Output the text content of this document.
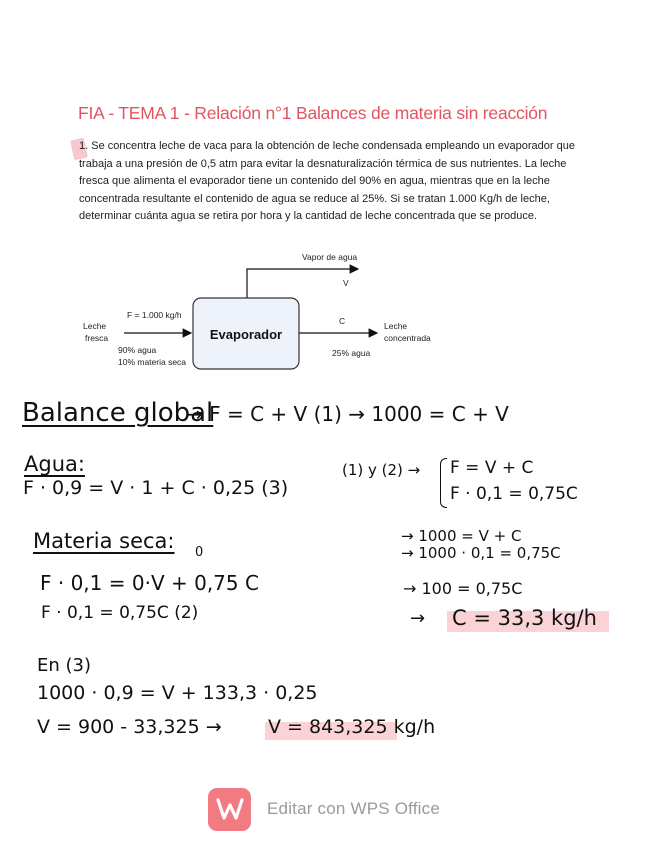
FIA - TEMA 1 - Relación n°1 Balances de materia sin reacción
1. Se concentra leche de vaca para la obtención de leche condensada empleando un evaporador que trabaja a una presión de 0,5 atm para evitar la desnaturalización térmica de sus nutrientes. La leche fresca que alimenta el evaporador tiene un contenido del 90% en agua, mientras que en la leche concentrada resultante el contenido de agua se reduce al 25%. Si se tratan 1.000 Kg/h de leche, determinar cuánta agua se retira por hora y la cantidad de leche concentrada que se produce.
Evaporador
Vapor de agua
V
F = 1.000 kg/h
Leche
fresca
90% agua
10% materia seca
C	Leche
concentrada
25% agua
Balance global
→ F = C + V (1) → 1000 = C + V
Agua:
F · 0,9 = V · 1 + C · 0,25 (3)
(1) y (2) → F = V + C
F · 0,1 = 0,75C
Materia seca: 0
F · 0,1 = 0·V + 0,75 C
F · 0,1 = 0,75C (2)
→ 1000 = V + C
→ 1000 · 0,1 = 0,75C
→ 100 = 0,75C
→ C = 33,3 kg/h
En (3)
1000 · 0,9 = V + 133,3 · 0,25
V = 900 - 33,325 → V = 843,325 kg/h
Editar con WPS Office
